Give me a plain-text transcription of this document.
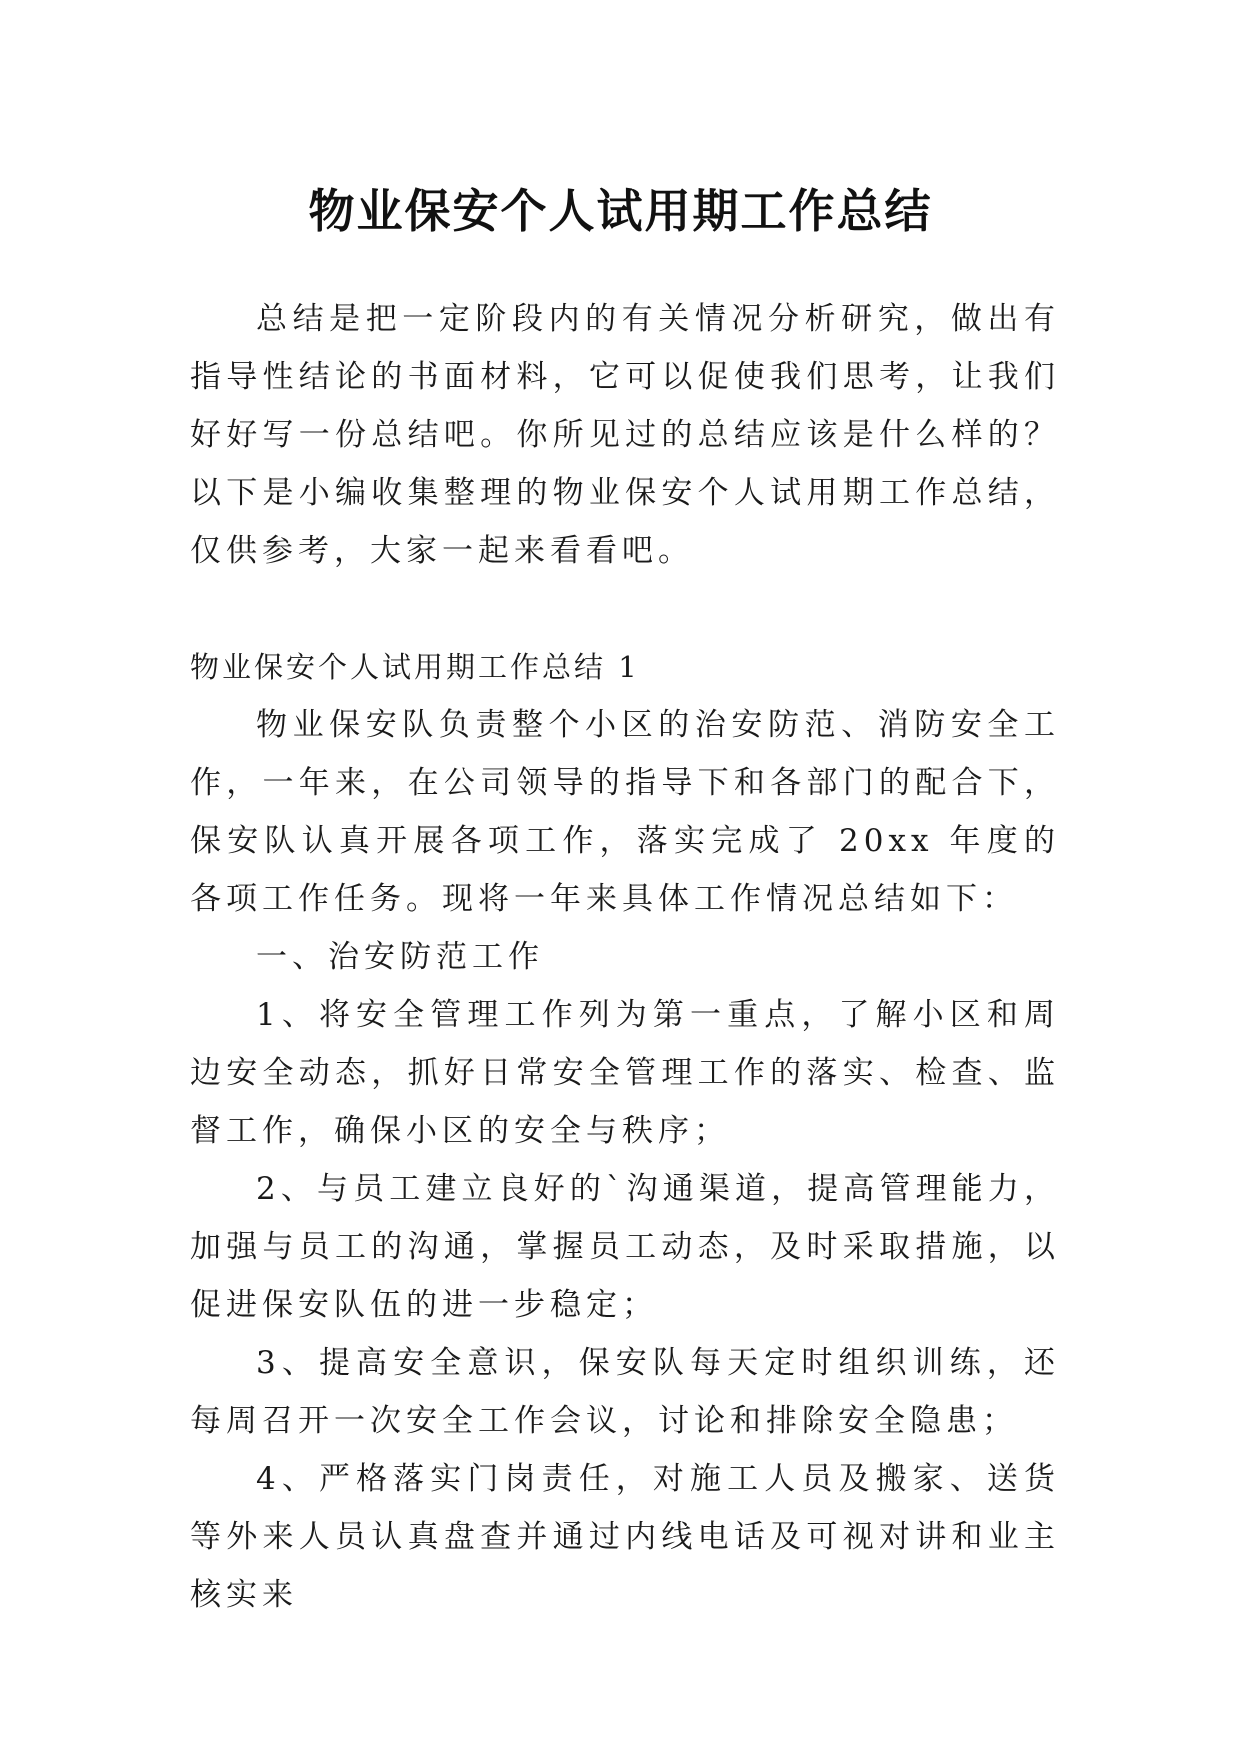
物业保安个人试用期工作总结

总结是把一定阶段内的有关情况分析研究，做出有指导性结论的书面材料，它可以促使我们思考，让我们好好写一份总结吧。你所见过的总结应该是什么样的？以下是小编收集整理的物业保安个人试用期工作总结，仅供参考，大家一起来看看吧。

物业保安个人试用期工作总结 1

物业保安队负责整个小区的治安防范、消防安全工作，一年来，在公司领导的指导下和各部门的配合下，保安队认真开展各项工作，落实完成了 20xx 年度的各项工作任务。现将一年来具体工作情况总结如下：

一、治安防范工作

1、将安全管理工作列为第一重点，了解小区和周边安全动态，抓好日常安全管理工作的落实、检查、监督工作，确保小区的安全与秩序；

2、与员工建立良好的`沟通渠道，提高管理能力，加强与员工的沟通，掌握员工动态，及时采取措施，以促进保安队伍的进一步稳定；

3、提高安全意识，保安队每天定时组织训练，还每周召开一次安全工作会议，讨论和排除安全隐患；

4、严格落实门岗责任，对施工人员及搬家、送货等外来人员认真盘查并通过内线电话及可视对讲和业主核实来
